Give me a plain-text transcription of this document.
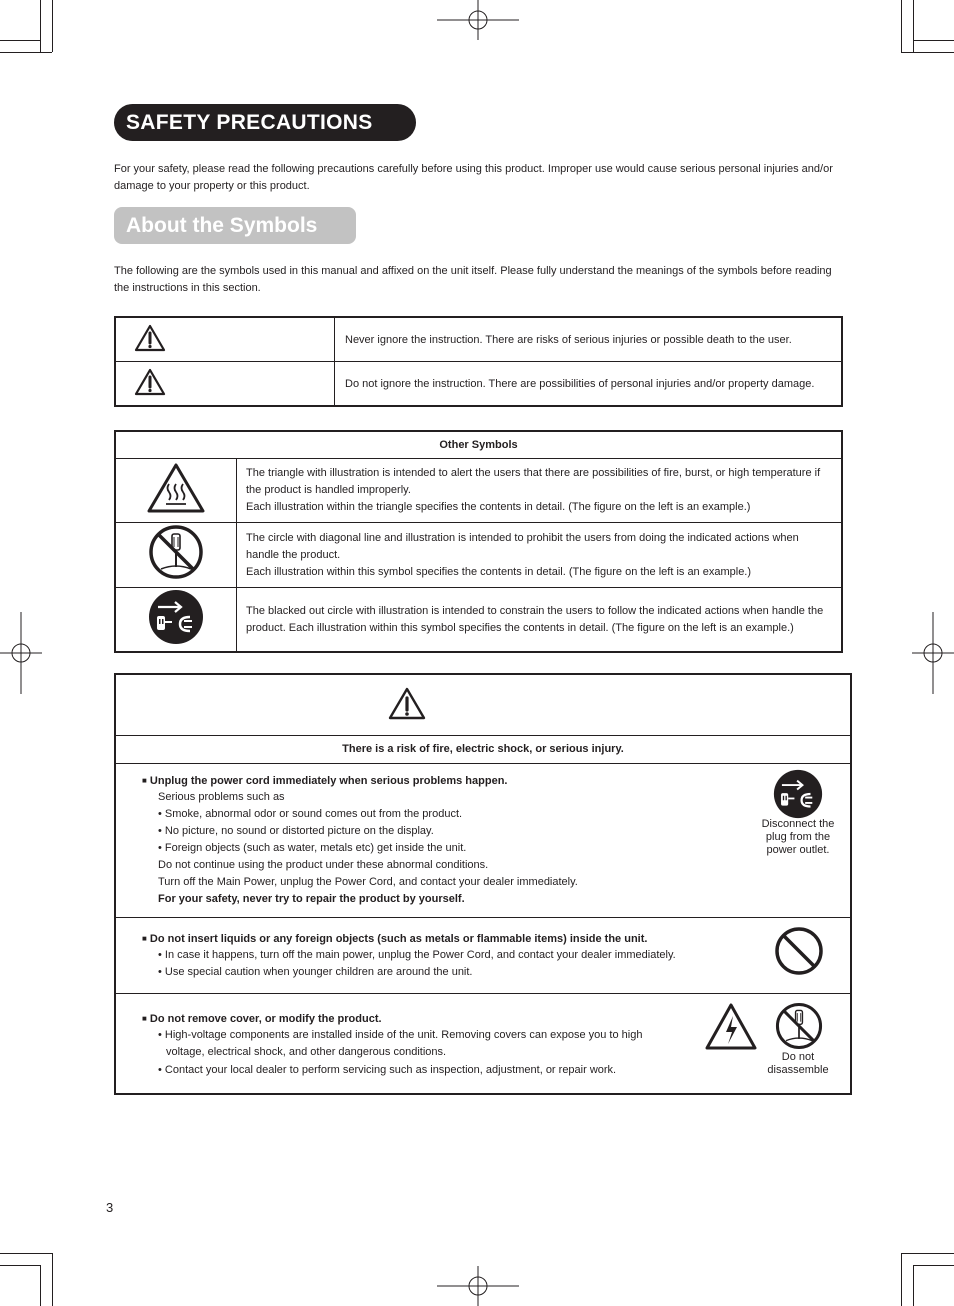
SAFETY PRECAUTIONS
For your safety, please read the following precautions carefully before using this product. Improper use would cause serious personal injuries and/or damage to your property or this product.
About the Symbols
The following are the symbols used in this manual and affixed on the unit itself. Please fully understand the meanings of the symbols before reading the instructions in this section.
	Never ignore the instruction. There are risks of serious injuries or possible death to the user.
	Do not ignore the instruction. There are possibilities of personal injuries and/or property damage.
Other Symbols	

The triangle with illustration is intended to alert the users that there are possibilities of fire, burst, or high temperature if the product is handled improperly.
Each illustration within the triangle specifies the contents in detail. (The figure on the left is an example.)

The circle with diagonal line and illustration is intended to prohibit the users from doing the indicated actions when handle the product.
Each illustration within this symbol specifies the contents in detail. (The figure on the left is an example.)

The blacked out circle with illustration is intended to constrain the users to follow the indicated actions when handle the product. Each illustration within this symbol specifies the contents in detail. (The figure on the left is an example.)
There is a risk of fire, electric shock, or serious injury.
■ Unplug the power cord immediately when serious problems happen.
Serious problems such as
• Smoke, abnormal odor or sound comes out from the product.
• No picture, no sound or distorted picture on the display.
• Foreign objects (such as water, metals etc) get inside the unit.
Do not continue using the product under these abnormal conditions.
Turn off the Main Power, unplug the Power Cord, and contact your dealer immediately.
For your safety, never try to repair the product by yourself.
Disconnect the
plug from the
power outlet.
■ Do not insert liquids or any foreign objects (such as metals or flammable items) inside the unit.
• In case it happens, turn off the main power, unplug the Power Cord, and contact your dealer immediately.
• Use special caution when younger children are around the unit.
■ Do not remove cover, or modify the product.
• High-voltage components are installed inside of the unit. Removing covers can expose you to high
voltage, electrical shock, and other dangerous conditions.
• Contact your local dealer to perform servicing such as inspection, adjustment, or repair work.
Do not
disassemble
3
